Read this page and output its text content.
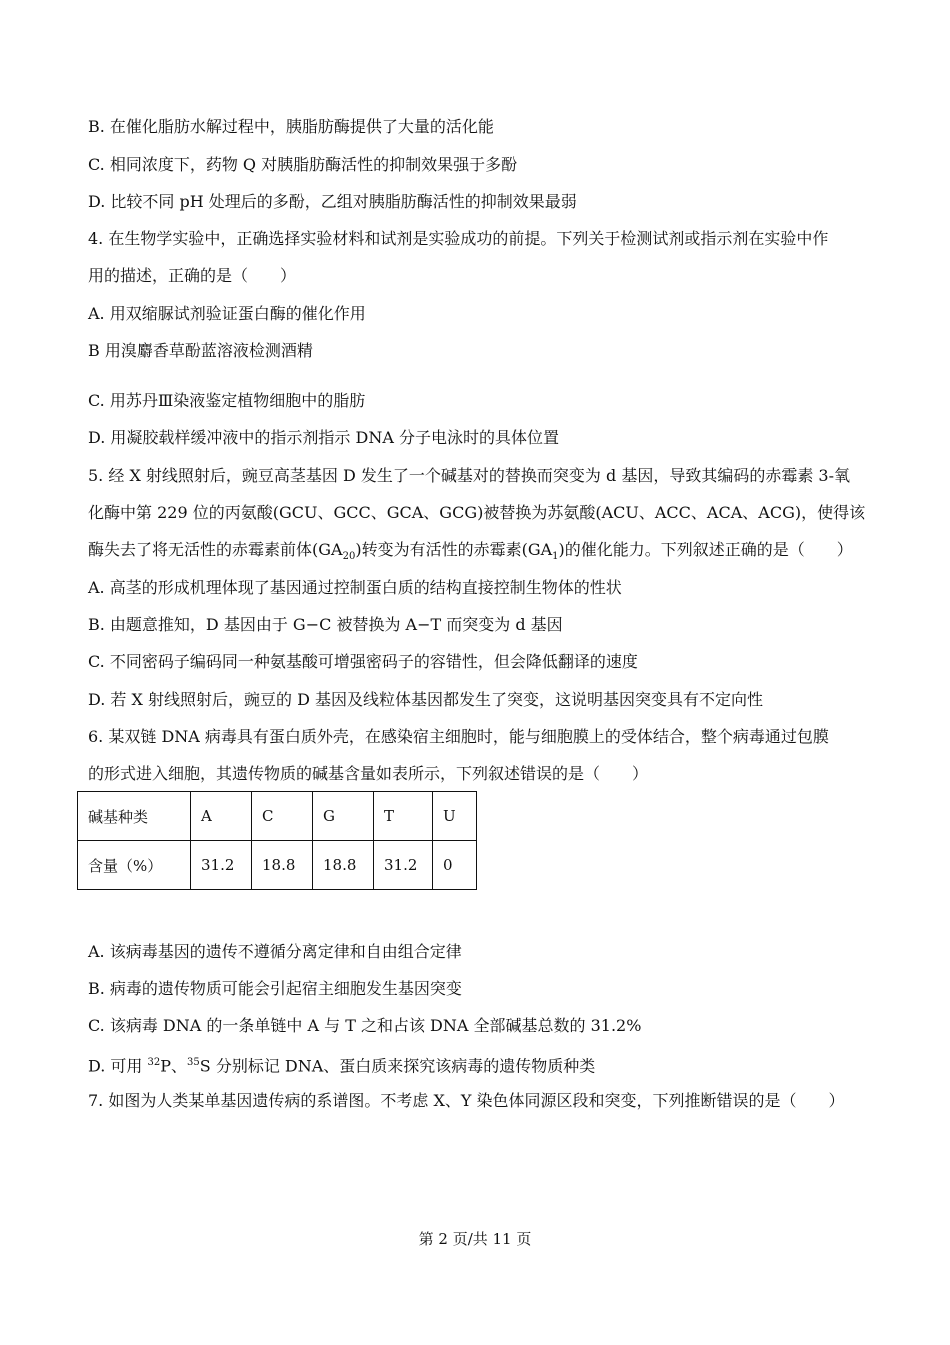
B. 在催化脂肪水解过程中，胰脂肪酶提供了大量的活化能
C. 相同浓度下，药物 Q 对胰脂肪酶活性的抑制效果强于多酚
D. 比较不同 pH 处理后的多酚，乙组对胰脂肪酶活性的抑制效果最弱
4. 在生物学实验中，正确选择实验材料和试剂是实验成功的前提。下列关于检测试剂或指示剂在实验中作
用的描述，正确的是（　　）
A. 用双缩脲试剂验证蛋白酶的催化作用
B 用溴麝香草酚蓝溶液检测酒精
C. 用苏丹Ⅲ染液鉴定植物细胞中的脂肪
D. 用凝胶载样缓冲液中的指示剂指示 DNA 分子电泳时的具体位置
5. 经 X 射线照射后，豌豆高茎基因 D 发生了一个碱基对的替换而突变为 d 基因，导致其编码的赤霉素 3-氧
化酶中第 229 位的丙氨酸(GCU、GCC、GCA、GCG)被替换为苏氨酸(ACU、ACC、ACA、ACG)，使得该
酶失去了将无活性的赤霉素前体$(GA_{20})$转变为有活性的赤霉素$(GA_1)$的催化能力。下列叙述正确的是（　　）
A. 高茎的形成机理体现了基因通过控制蛋白质的结构直接控制生物体的性状
B. 由题意推知，D 基因由于 G−C 被替换为 A−T 而突变为 d 基因
C. 不同密码子编码同一种氨基酸可增强密码子的容错性，但会降低翻译的速度
D. 若 X 射线照射后，豌豆的 D 基因及线粒体基因都发生了突变，这说明基因突变具有不定向性
6. 某双链 DNA 病毒具有蛋白质外壳，在感染宿主细胞时，能与细胞膜上的受体结合，整个病毒通过包膜
的形式进入细胞，其遗传物质的碱基含量如表所示，下列叙述错误的是（　　）
碱基种类	A	C	G	T	U
含量（%）	31.2	18.8	18.8	31.2	0
A. 该病毒基因的遗传不遵循分离定律和自由组合定律
B. 病毒的遗传物质可能会引起宿主细胞发生基因突变
C. 该病毒 DNA 的一条单链中 A 与 T 之和占该 DNA 全部碱基总数的 31.2%
D. 可用 $^{32}$P、$^{35}$S 分别标记 DNA、蛋白质来探究该病毒的遗传物质种类
7. 如图为人类某单基因遗传病的系谱图。不考虑 X、Y 染色体同源区段和突变，下列推断错误的是（　　）
第 2 页/共 11 页
